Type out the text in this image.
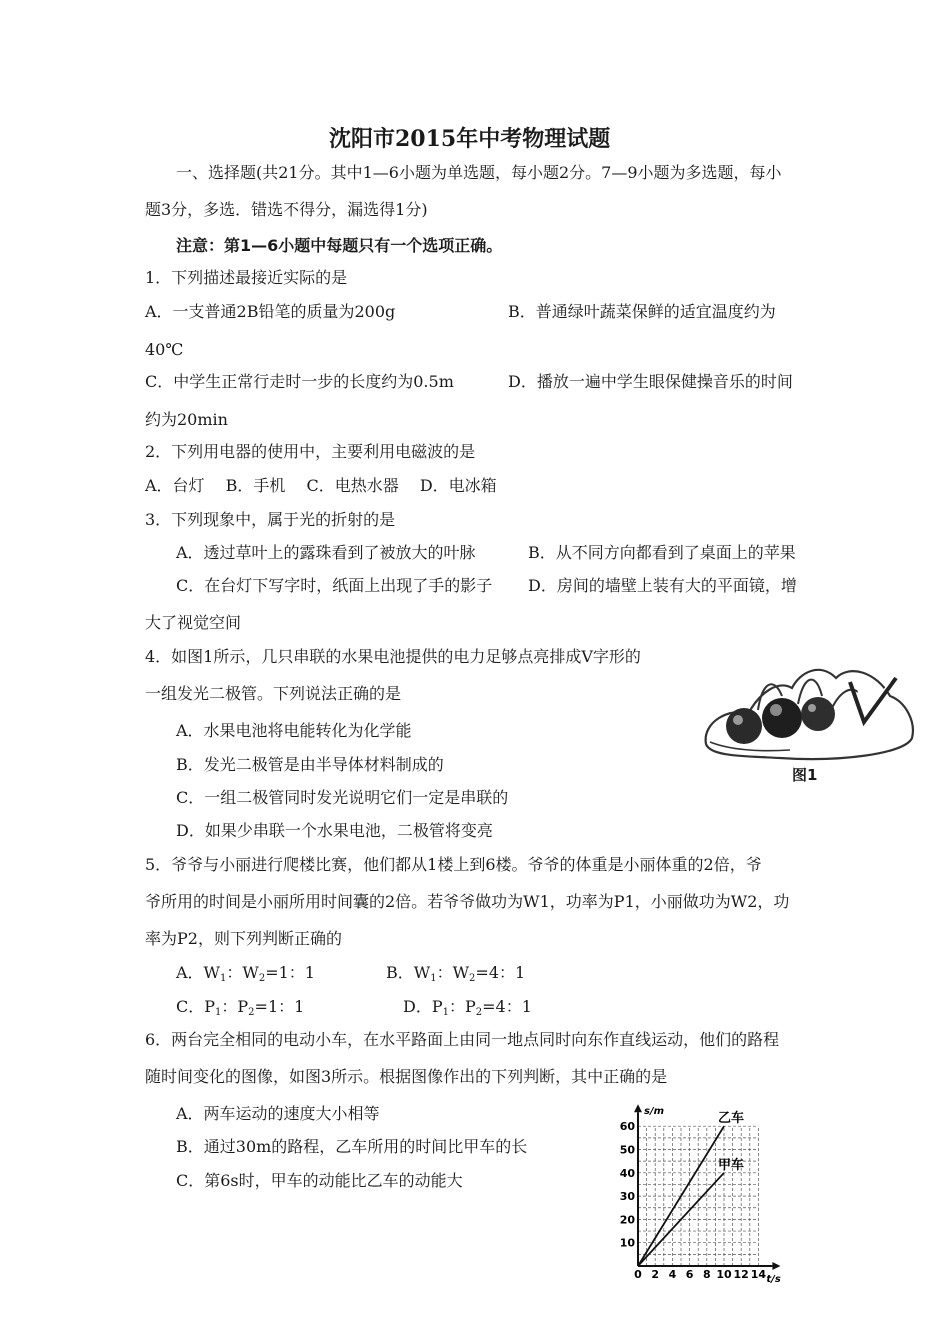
沈阳市2015年中考物理试题
一、选择题(共21分。其中1—6小题为单选题，每小题2分。7—9小题为多选题，每小
题3分，多选．错选不得分，漏选得1分)
注意：第1—6小题中每题只有一个选项正确。
1．下列描述最接近实际的是
A．一支普通2B铅笔的质量为200g	B．普通绿叶蔬菜保鲜的适宜温度约为
40℃
C．中学生正常行走时一步的长度约为0.5m	D．播放一遍中学生眼保健操音乐的时间
约为20min
2．下列用电器的使用中，主要利用电磁波的是
A．台灯　 B．手机　 C．电热水器　 D．电冰箱
3．下列现象中，属于光的折射的是
A．透过草叶上的露珠看到了被放大的叶脉	B．从不同方向都看到了桌面上的苹果
C．在台灯下写字时，纸面上出现了手的影子 D．房间的墙壁上装有大的平面镜，增
大了视觉空间
4．如图1所示，几只串联的水果电池提供的电力足够点亮排成V字形的
一组发光二极管。下列说法正确的是
A．水果电池将电能转化为化学能
B．发光二极管是由半导体材料制成的
C．一组二极管同时发光说明它们一定是串联的
D．如果少串联一个水果电池，二极管将变亮
图1
5．爷爷与小丽进行爬楼比赛，他们都从1楼上到6楼。爷爷的体重是小丽体重的2倍，爷
爷所用的时间是小丽所用时间囊的2倍。若爷爷做功为W1，功率为P1，小丽做功为W2，功
率为P2，则下列判断正确的
A．$W_1$：$W_2=1$：1	B．$W_1$：$W_2=4$：1
C．$P_1$：$P_2=1$：1	D．$P_1$：$P_2=4$：1
6．两台完全相同的电动小车，在水平路面上由同一地点同时向东作直线运动，他们的路程
随时间变化的图像，如图3所示。根据图像作出的下列判断，其中正确的是
A．两车运动的速度大小相等
B．通过30m的路程，乙车所用的时间比甲车的长
C．第6s时，甲车的动能比乙车的动能大
0 2 4 6 8 10 12 14
10
20
30
40
50
60
s/m
t/s
乙车
甲车
